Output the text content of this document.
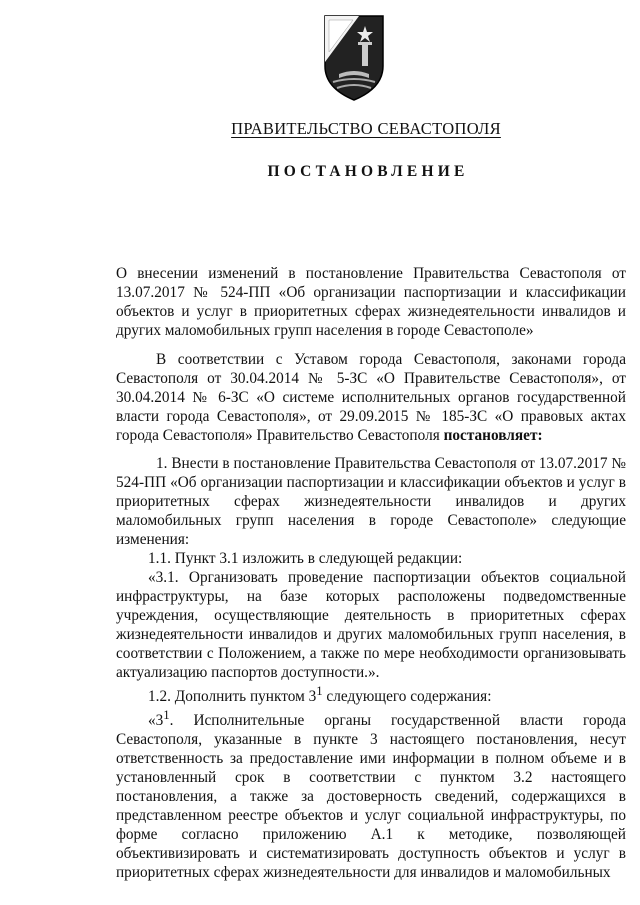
ПРАВИТЕЛЬСТВО СЕВАСТОПОЛЯ
ПОСТАНОВЛЕНИЕ
О внесении изменений в постановление Правительства Севастополя от 13.07.2017 № 524-ПП «Об организации паспортизации и классификации объектов и услуг в приоритетных сферах жизнедеятельности инвалидов и других маломобильных групп населения в городе Севастополе»
В соответствии с Уставом города Севастополя, законами города Севастополя от 30.04.2014 № 5-ЗС «О Правительстве Севастополя», от 30.04.2014 № 6-ЗС «О системе исполнительных органов государственной власти города Севастополя», от 29.09.2015 № 185-ЗС «О правовых актах города Севастополя» Правительство Севастополя постановляет:

1. Внести в постановление Правительства Севастополя от 13.07.2017 № 524-ПП «Об организации паспортизации и классификации объектов и услуг в приоритетных сферах жизнедеятельности инвалидов и других маломобильных групп населения в городе Севастополе» следующие изменения:

1.1. Пункт 3.1 изложить в следующей редакции:

«3.1. Организовать проведение паспортизации объектов социальной инфраструктуры, на базе которых расположены подведомственные учреждения, осуществляющие деятельность в приоритетных сферах жизнедеятельности инвалидов и других маломобильных групп населения, в соответствии с Положением, а также по мере необходимости организовывать актуализацию паспортов доступности.».

1.2. Дополнить пунктом $3^1$ следующего содержания:

«$3^1$. Исполнительные органы государственной власти города Севастополя, указанные в пункте 3 настоящего постановления, несут ответственность за предоставление ими информации в полном объеме и в установленный срок в соответствии с пунктом 3.2 настоящего постановления, а также за достоверность сведений, содержащихся в представленном реестре объектов и услуг социальной инфраструктуры, по форме согласно приложению А.1 к методике, позволяющей объективизировать и систематизировать доступность объектов и услуг в приоритетных сферах жизнедеятельности для инвалидов и маломобильных
